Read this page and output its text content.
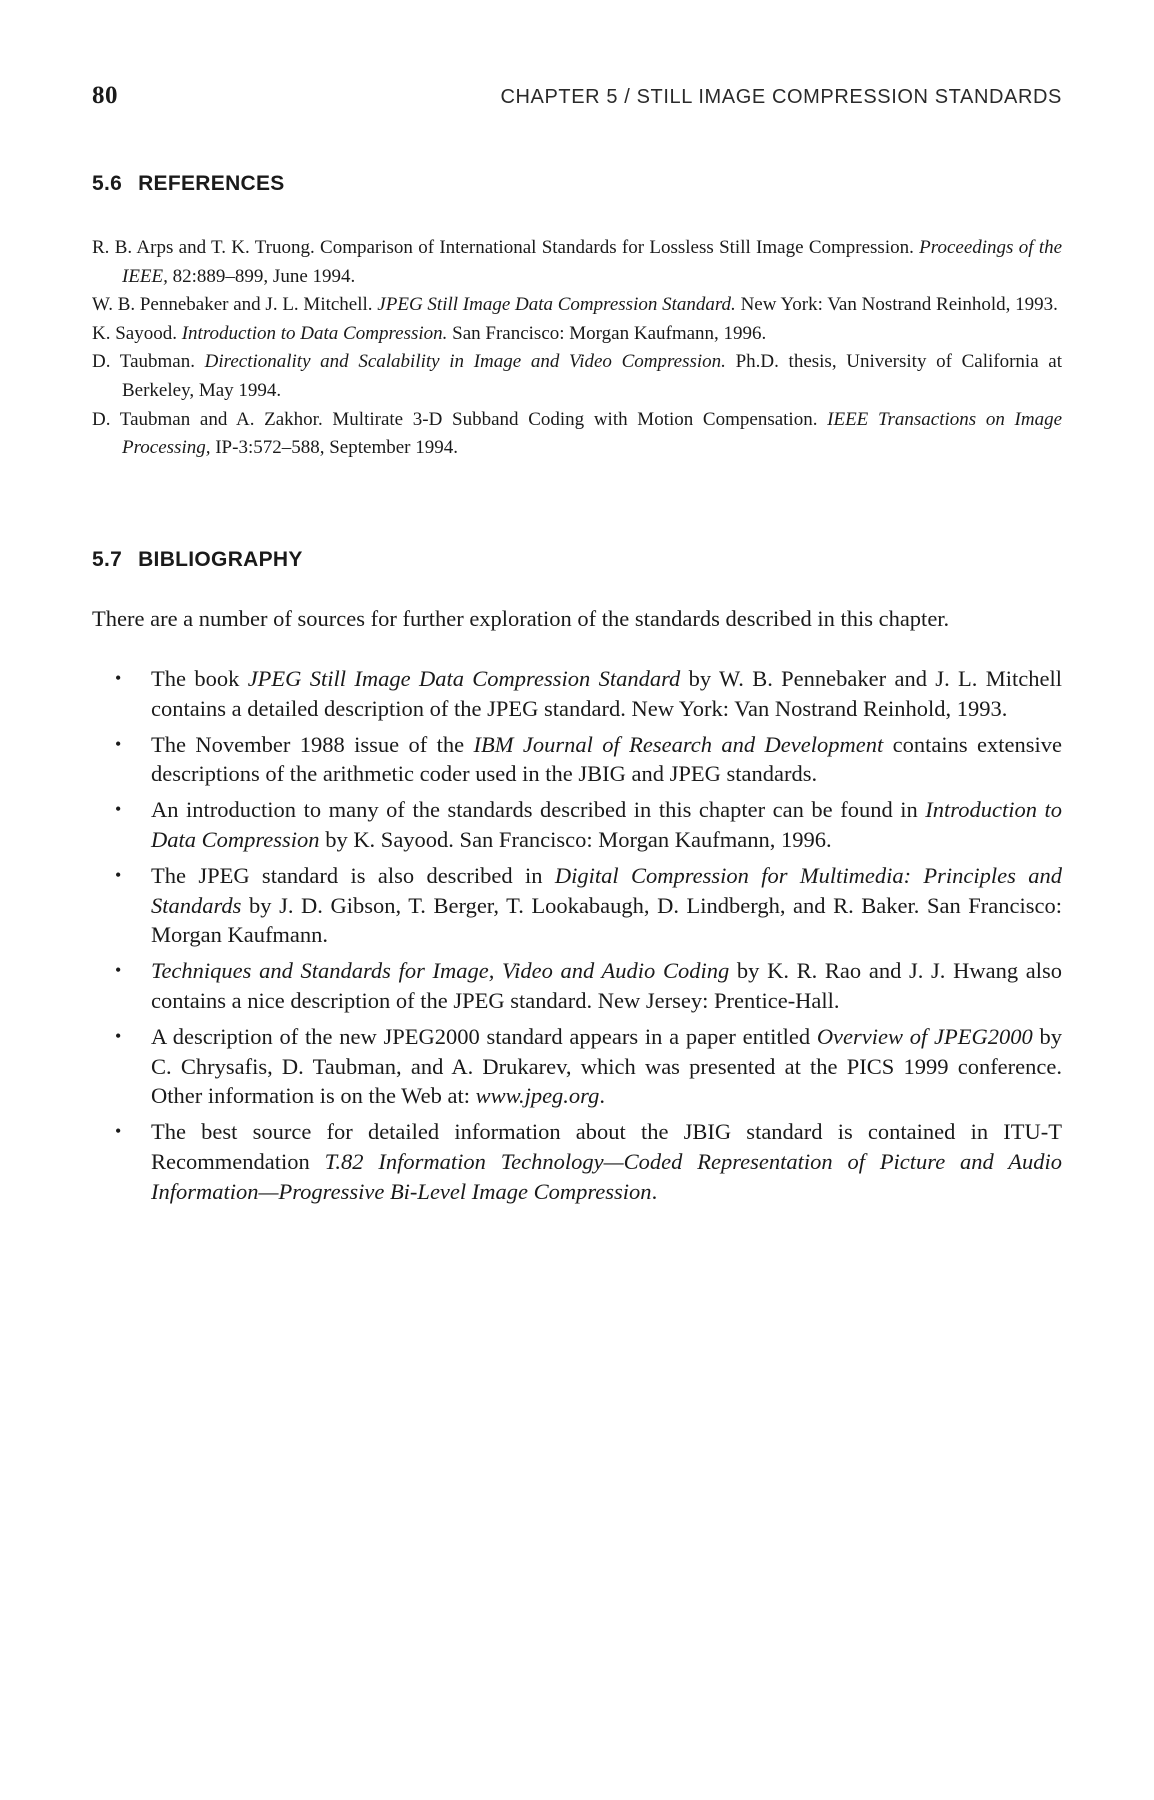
80	CHAPTER 5 / STILL IMAGE COMPRESSION STANDARDS
5.6 REFERENCES
R. B. Arps and T. K. Truong. Comparison of International Standards for Lossless Still Image Compression. Proceedings of the IEEE, 82:889–899, June 1994.
W. B. Pennebaker and J. L. Mitchell. JPEG Still Image Data Compression Standard. New York: Van Nostrand Reinhold, 1993.
K. Sayood. Introduction to Data Compression. San Francisco: Morgan Kaufmann, 1996.
D. Taubman. Directionality and Scalability in Image and Video Compression. Ph.D. thesis, University of California at Berkeley, May 1994.
D. Taubman and A. Zakhor. Multirate 3-D Subband Coding with Motion Compensation. IEEE Transactions on Image Processing, IP-3:572–588, September 1994.
5.7 BIBLIOGRAPHY

There are a number of sources for further exploration of the standards described in this chapter.

• The book JPEG Still Image Data Compression Standard by W. B. Pennebaker and J. L. Mitchell contains a detailed description of the JPEG standard. New York: Van Nostrand Reinhold, 1993.
• The November 1988 issue of the IBM Journal of Research and Development contains extensive descriptions of the arithmetic coder used in the JBIG and JPEG standards.
• An introduction to many of the standards described in this chapter can be found in Introduction to Data Compression by K. Sayood. San Francisco: Morgan Kaufmann, 1996.
• The JPEG standard is also described in Digital Compression for Multimedia: Principles and Standards by J. D. Gibson, T. Berger, T. Lookabaugh, D. Lindbergh, and R. Baker. San Francisco: Morgan Kaufmann.
• Techniques and Standards for Image, Video and Audio Coding by K. R. Rao and J. J. Hwang also contains a nice description of the JPEG standard. New Jersey: Prentice-Hall.
• A description of the new JPEG2000 standard appears in a paper entitled Overview of JPEG2000 by C. Chrysafis, D. Taubman, and A. Drukarev, which was presented at the PICS 1999 conference. Other information is on the Web at: www.jpeg.org.
• The best source for detailed information about the JBIG standard is contained in ITU-T Recommendation T.82 Information Technology—Coded Representation of Picture and Audio Information—Progressive Bi-Level Image Compression.
